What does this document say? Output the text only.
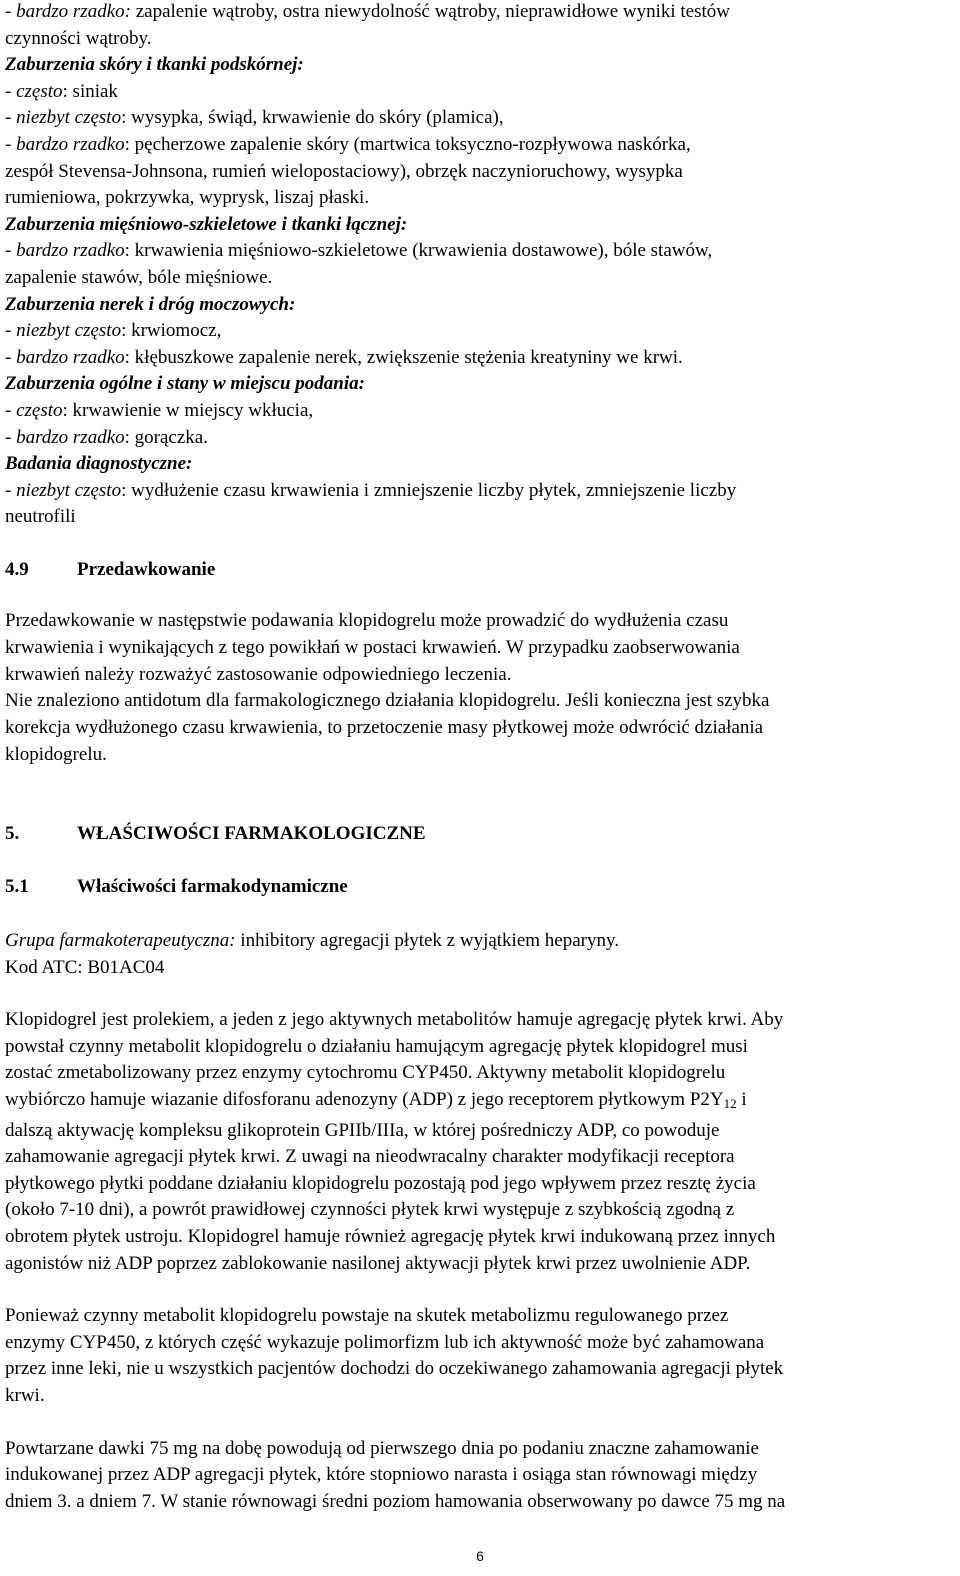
- bardzo rzadko: zapalenie wątroby, ostra niewydolność wątroby, nieprawidłowe wyniki testów

czynności wątroby.

Zaburzenia skóry i tkanki podskórnej:

- często: siniak

- niezbyt często: wysypka, świąd, krwawienie do skóry (plamica),

- bardzo rzadko: pęcherzowe zapalenie skóry (martwica toksyczno-rozpływowa naskórka,

zespół Stevensa-Johnsona, rumień wielopostaciowy), obrzęk naczynioruchowy, wysypka

rumieniowa, pokrzywka, wyprysk, liszaj płaski.

Zaburzenia mięśniowo-szkieletowe i tkanki łącznej:

- bardzo rzadko: krwawienia mięśniowo-szkieletowe (krwawienia dostawowe), bóle stawów,

zapalenie stawów, bóle mięśniowe.

Zaburzenia nerek i dróg moczowych:

- niezbyt często: krwiomocz,

- bardzo rzadko: kłębuszkowe zapalenie nerek, zwiększenie stężenia kreatyniny we krwi.

Zaburzenia ogólne i stany w miejscu podania:

- często: krwawienie w miejscy wkłucia,

- bardzo rzadko: gorączka.

Badania diagnostyczne:

- niezbyt często: wydłużenie czasu krwawienia i zmniejszenie liczby płytek, zmniejszenie liczby

neutrofili

4.9	Przedawkowanie

Przedawkowanie w następstwie podawania klopidogrelu może prowadzić do wydłużenia czasu

krwawienia i wynikających z tego powikłań w postaci krwawień. W przypadku zaobserwowania

krwawień należy rozważyć zastosowanie odpowiedniego leczenia.

Nie znaleziono antidotum dla farmakologicznego działania klopidogrelu. Jeśli konieczna jest szybka

korekcja wydłużonego czasu krwawienia, to przetoczenie masy płytkowej może odwrócić działania

klopidogrelu.

5.	WŁAŚCIWOŚCI FARMAKOLOGICZNE

5.1	Właściwości farmakodynamiczne

Grupa farmakoterapeutyczna: inhibitory agregacji płytek z wyjątkiem heparyny.

Kod ATC: B01AC04

Klopidogrel jest prolekiem, a jeden z jego aktywnych metabolitów hamuje agregację płytek krwi. Aby

powstał czynny metabolit klopidogrelu o działaniu hamującym agregację płytek klopidogrel musi

zostać zmetabolizowany przez enzymy cytochromu CYP450. Aktywny metabolit klopidogrelu

wybiórczo hamuje wiazanie difosforanu adenozyny (ADP) z jego receptorem płytkowym $P2Y_{12}$ i

dalszą aktywację kompleksu glikoprotein GPIIb/IIIa, w której pośredniczy ADP, co powoduje

zahamowanie agregacji płytek krwi. Z uwagi na nieodwracalny charakter modyfikacji receptora

płytkowego płytki poddane działaniu klopidogrelu pozostają pod jego wpływem przez resztę życia

(około 7-10 dni), a powrót prawidłowej czynności płytek krwi występuje z szybkością zgodną z

obrotem płytek ustroju. Klopidogrel hamuje również agregację płytek krwi indukowaną przez innych

agonistów niż ADP poprzez zablokowanie nasilonej aktywacji płytek krwi przez uwolnienie ADP.

Ponieważ czynny metabolit klopidogrelu powstaje na skutek metabolizmu regulowanego przez

enzymy CYP450, z których część wykazuje polimorfizm lub ich aktywność może być zahamowana

przez inne leki, nie u wszystkich pacjentów dochodzi do oczekiwanego zahamowania agregacji płytek

krwi.

Powtarzane dawki 75 mg na dobę powodują od pierwszego dnia po podaniu znaczne zahamowanie

indukowanej przez ADP agregacji płytek, które stopniowo narasta i osiąga stan równowagi między

dniem 3. a dniem 7. W stanie równowagi średni poziom hamowania obserwowany po dawce 75 mg na

6
